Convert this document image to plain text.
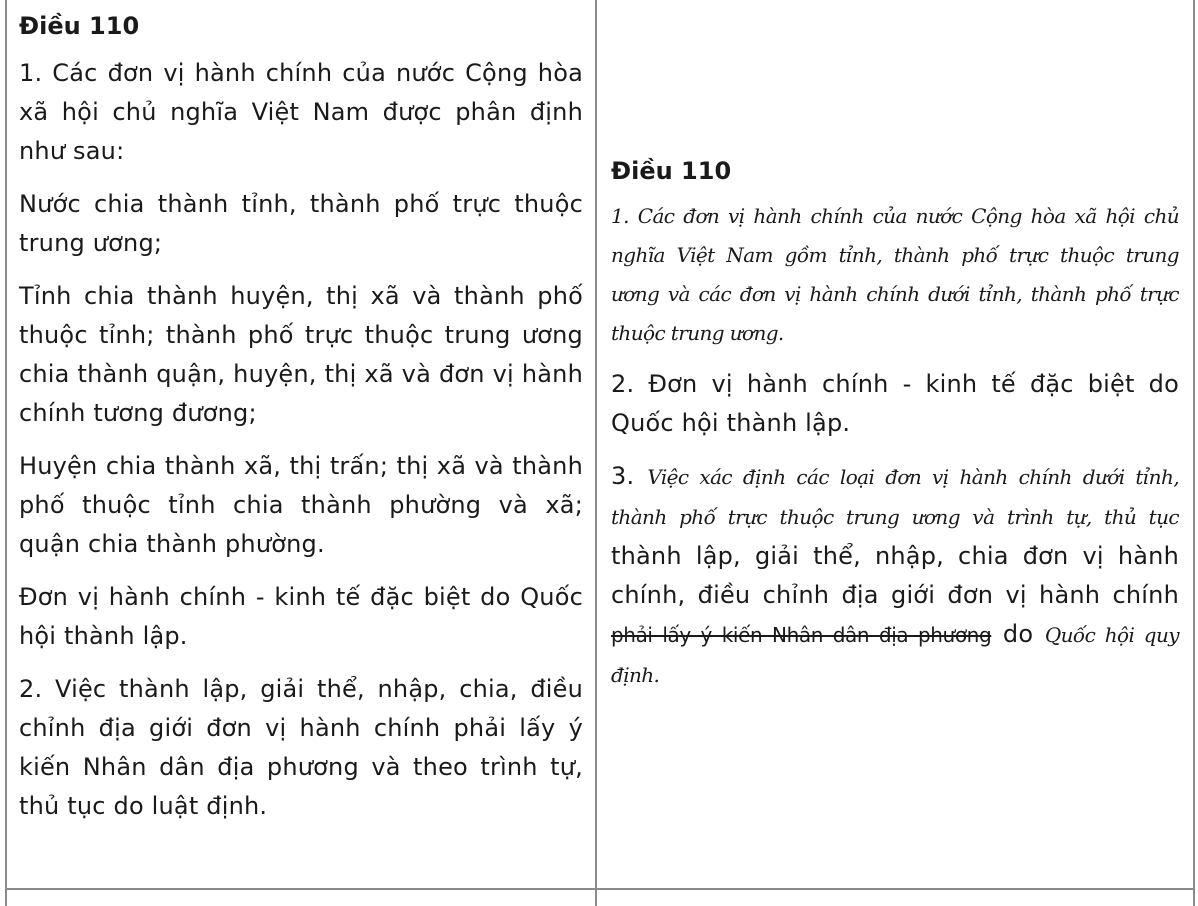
Điều 110

1. Các đơn vị hành chính của nước Cộng hòa xã hội chủ nghĩa Việt Nam được phân định như sau:

Nước chia thành tỉnh, thành phố trực thuộc trung ương;

Tỉnh chia thành huyện, thị xã và thành phố thuộc tỉnh; thành phố trực thuộc trung ương chia thành quận, huyện, thị xã và đơn vị hành chính tương đương;

Huyện chia thành xã, thị trấn; thị xã và thành phố thuộc tỉnh chia thành phường và xã; quận chia thành phường.

Đơn vị hành chính - kinh tế đặc biệt do Quốc hội thành lập.

2. Việc thành lập, giải thể, nhập, chia, điều chỉnh địa giới đơn vị hành chính phải lấy ý kiến Nhân dân địa phương và theo trình tự, thủ tục do luật định.

Điều 110

1. Các đơn vị hành chính của nước Cộng hòa xã hội chủ nghĩa Việt Nam gồm tỉnh, thành phố trực thuộc trung ương và các đơn vị hành chính dưới tỉnh, thành phố trực thuộc trung ương.

2. Đơn vị hành chính - kinh tế đặc biệt do Quốc hội thành lập.

3. Việc xác định các loại đơn vị hành chính dưới tỉnh, thành phố trực thuộc trung ương và trình tự, thủ tục thành lập, giải thể, nhập, chia đơn vị hành chính, điều chỉnh địa giới đơn vị hành chính phải lấy ý kiến Nhân dân địa phương do Quốc hội quy định.
